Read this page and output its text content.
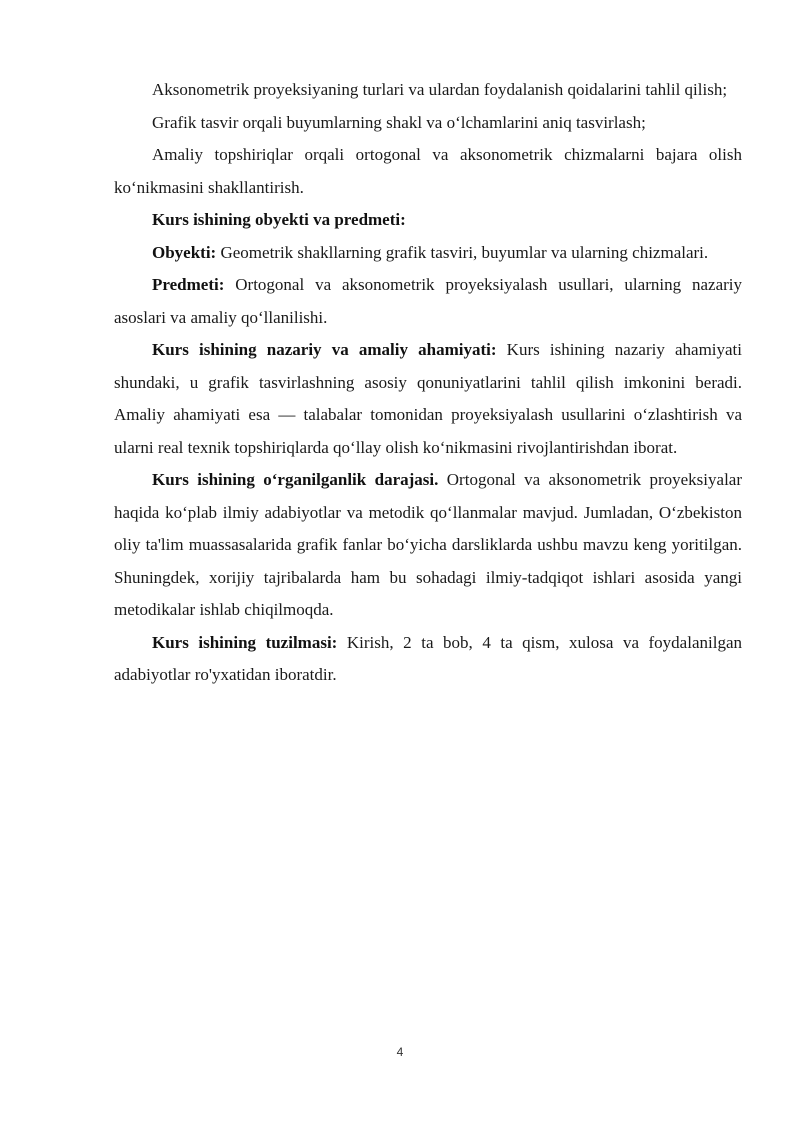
Aksonometrik proyeksiyaning turlari va ulardan foydalanish qoidalarini tahlil qilish;

Grafik tasvir orqali buyumlarning shakl va o‘lchamlarini aniq tasvirlash;

Amaliy topshiriqlar orqali ortogonal va aksonometrik chizmalarni bajara olish ko‘nikmasini shakllantirish.

Kurs ishining obyekti va predmeti:

Obyekti: Geometrik shakllarning grafik tasviri, buyumlar va ularning chizmalari.

Predmeti: Ortogonal va aksonometrik proyeksiyalash usullari, ularning nazariy asoslari va amaliy qo‘llanilishi.

Kurs ishining nazariy va amaliy ahamiyati: Kurs ishining nazariy ahamiyati shundaki, u grafik tasvirlashning asosiy qonuniyatlarini tahlil qilish imkonini beradi. Amaliy ahamiyati esa — talabalar tomonidan proyeksiyalash usullarini o‘zlashtirish va ularni real texnik topshiriqlarda qo‘llay olish ko‘nikmasini rivojlantirishdan iborat.

Kurs ishining o‘rganilganlik darajasi. Ortogonal va aksonometrik proyeksiyalar haqida ko‘plab ilmiy adabiyotlar va metodik qo‘llanmalar mavjud. Jumladan, O‘zbekiston oliy ta'lim muassasalarida grafik fanlar bo‘yicha darsliklarda ushbu mavzu keng yoritilgan. Shuningdek, xorijiy tajribalarda ham bu sohadagi ilmiy-tadqiqot ishlari asosida yangi metodikalar ishlab chiqilmoqda.

Kurs ishining tuzilmasi: Kirish, 2 ta bob, 4 ta qism, xulosa va foydalanilgan adabiyotlar ro'yxatidan iboratdir.

4
